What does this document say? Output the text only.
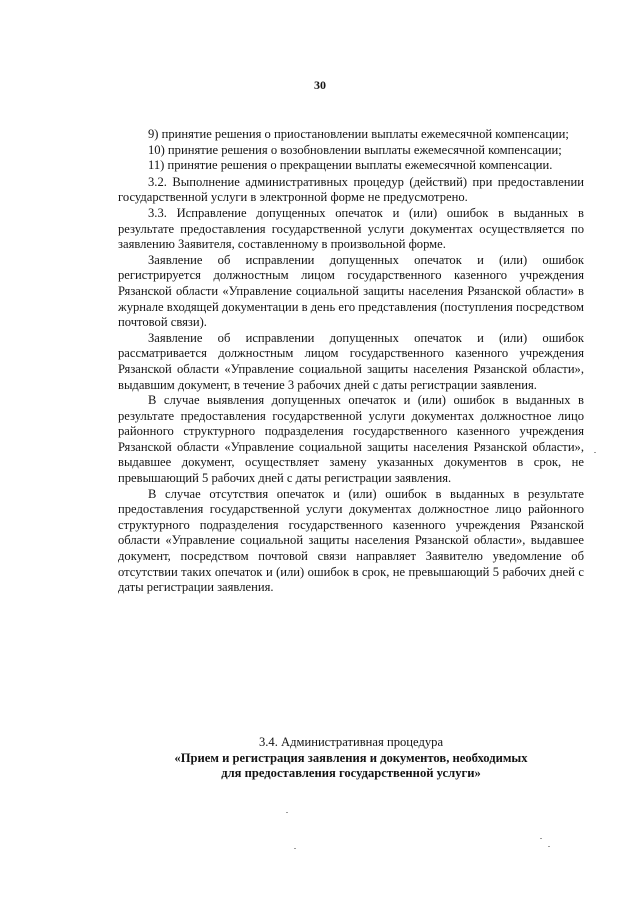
30

9) принятие решения о приостановлении выплаты ежемесячной компенсации;

10) принятие решения о возобновлении выплаты ежемесячной компенсации;

11) принятие решения о прекращении выплаты ежемесячной компенсации.

3.2. Выполнение административных процедур (действий) при предоставлении государственной услуги в электронной форме не предусмотрено.

3.3. Исправление допущенных опечаток и (или) ошибок в выданных в результате предоставления государственной услуги документах осуществляется по заявлению Заявителя, составленному в произвольной форме.

Заявление об исправлении допущенных опечаток и (или) ошибок регистрируется должностным лицом государственного казенного учреждения Рязанской области «Управление социальной защиты населения Рязанской области» в журнале входящей документации в день его представления (поступления посредством почтовой связи).

Заявление об исправлении допущенных опечаток и (или) ошибок рассматривается должностным лицом государственного казенного учреждения Рязанской области «Управление социальной защиты населения Рязанской области», выдавшим документ, в течение 3 рабочих дней с даты регистрации заявления.

В случае выявления допущенных опечаток и (или) ошибок в выданных в результате предоставления государственной услуги документах должностное лицо районного структурного подразделения государственного казенного учреждения Рязанской области «Управление социальной защиты населения Рязанской области», выдавшее документ, осуществляет замену указанных документов в срок, не превышающий 5 рабочих дней с даты регистрации заявления.

В случае отсутствия опечаток и (или) ошибок в выданных в результате предоставления государственной услуги документах должностное лицо районного структурного подразделения государственного казенного учреждения Рязанской области «Управление социальной защиты населения Рязанской области», выдавшее документ, посредством почтовой связи направляет Заявителю уведомление об отсутствии таких опечаток и (или) ошибок в срок, не превышающий 5 рабочих дней с даты регистрации заявления.

3.4. Административная процедура
«Прием и регистрация заявления и документов, необходимых
для предоставления государственной услуги»
